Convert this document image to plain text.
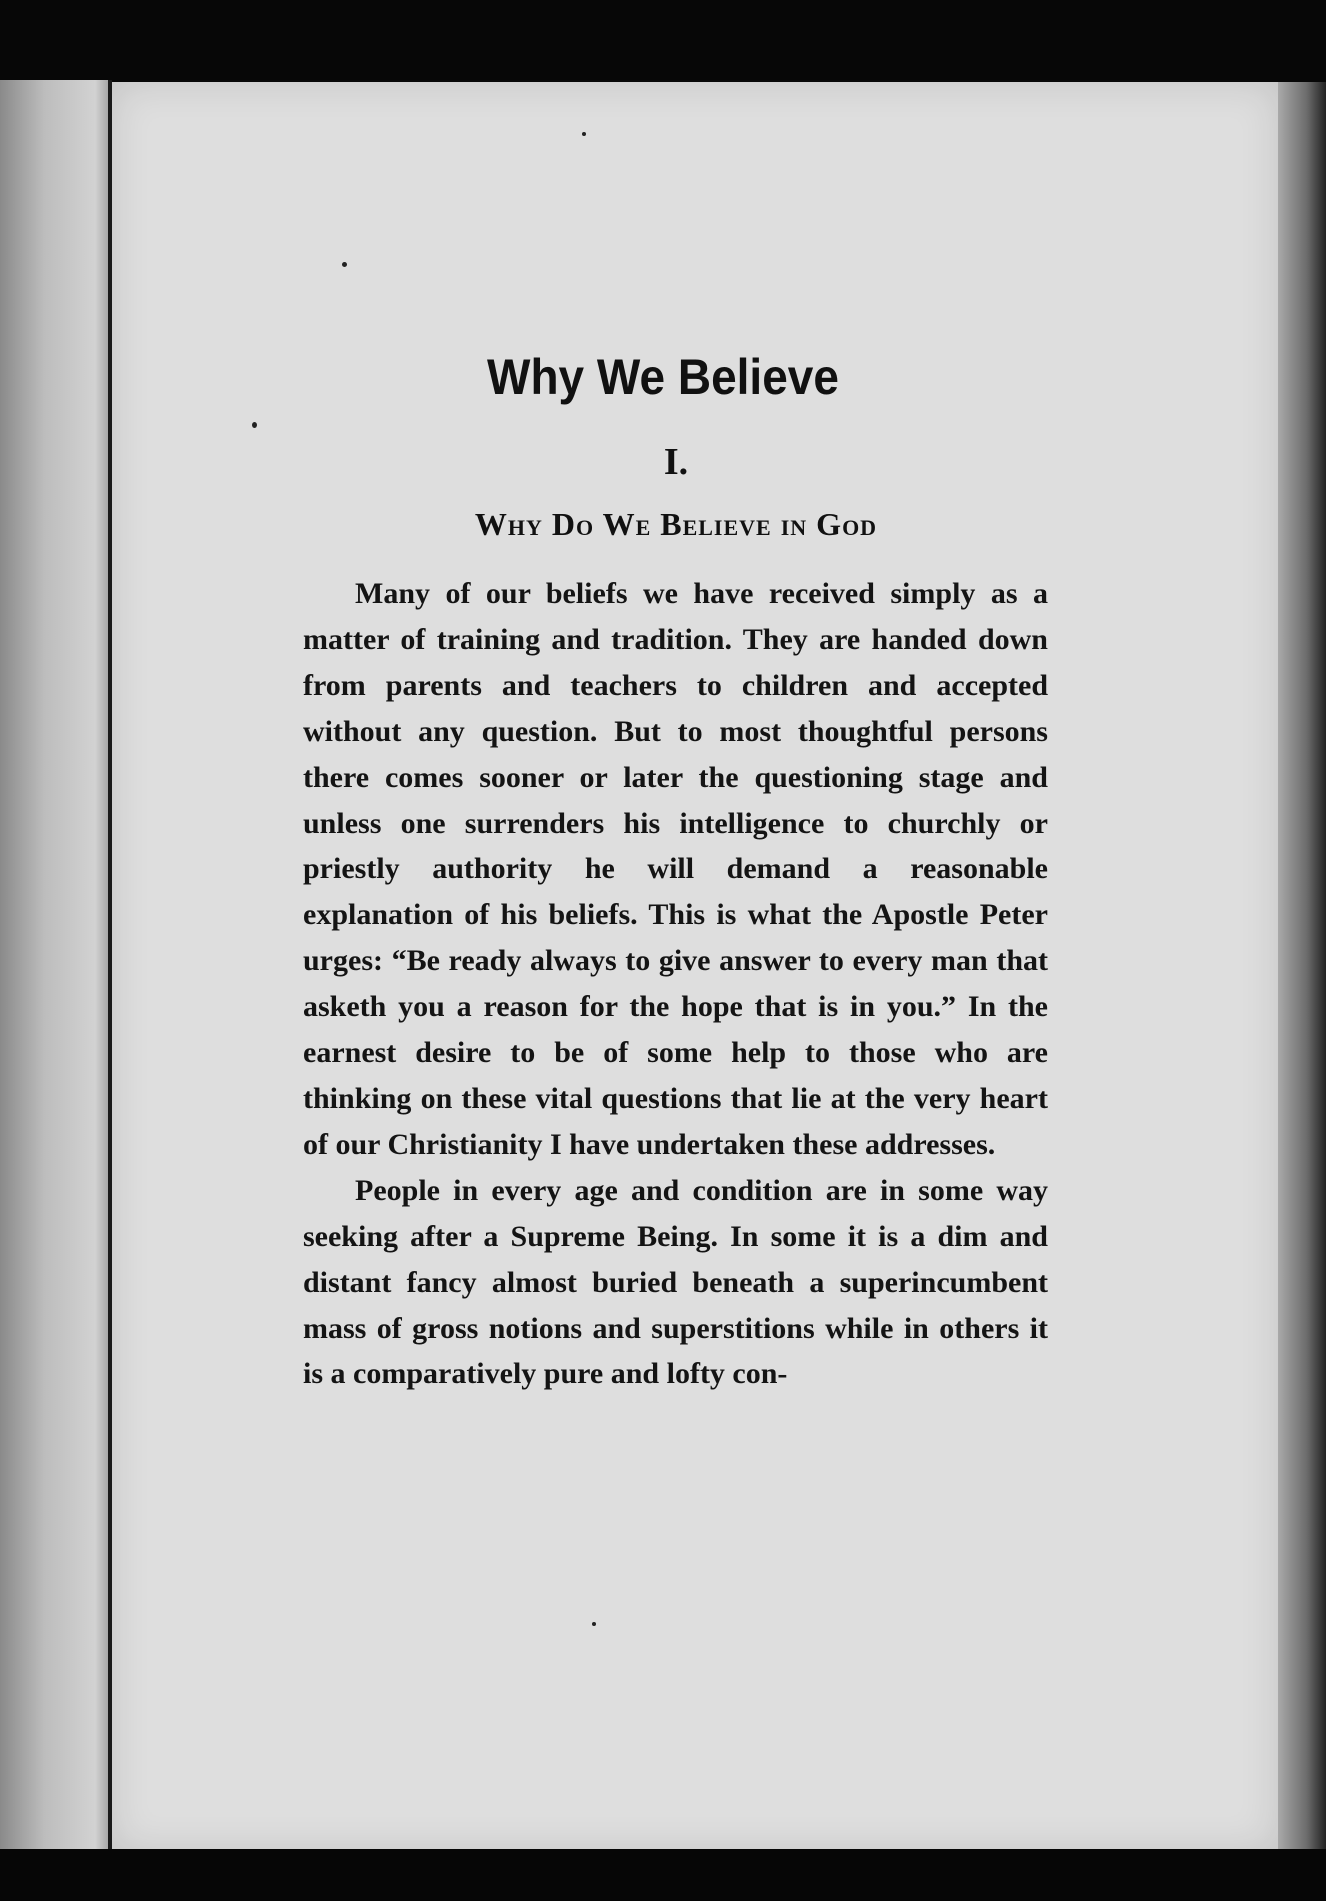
Why We Believe
I.
Why Do We Believe in God

Many of our beliefs we have received simply as a matter of training and tradition. They are handed down from parents and teachers to children and accepted without any question. But to most thoughtful persons there comes sooner or later the questioning stage and unless one surrenders his intelligence to churchly or priestly authority he will demand a reasonable explanation of his beliefs. This is what the Apostle Peter urges: “Be ready always to give answer to every man that asketh you a reason for the hope that is in you.” In the earnest desire to be of some help to those who are thinking on these vital questions that lie at the very heart of our Christianity I have undertaken these addresses.

People in every age and condition are in some way seeking after a Supreme Being. In some it is a dim and distant fancy almost buried beneath a superincumbent mass of gross notions and superstitions while in others it is a comparatively pure and lofty con-
